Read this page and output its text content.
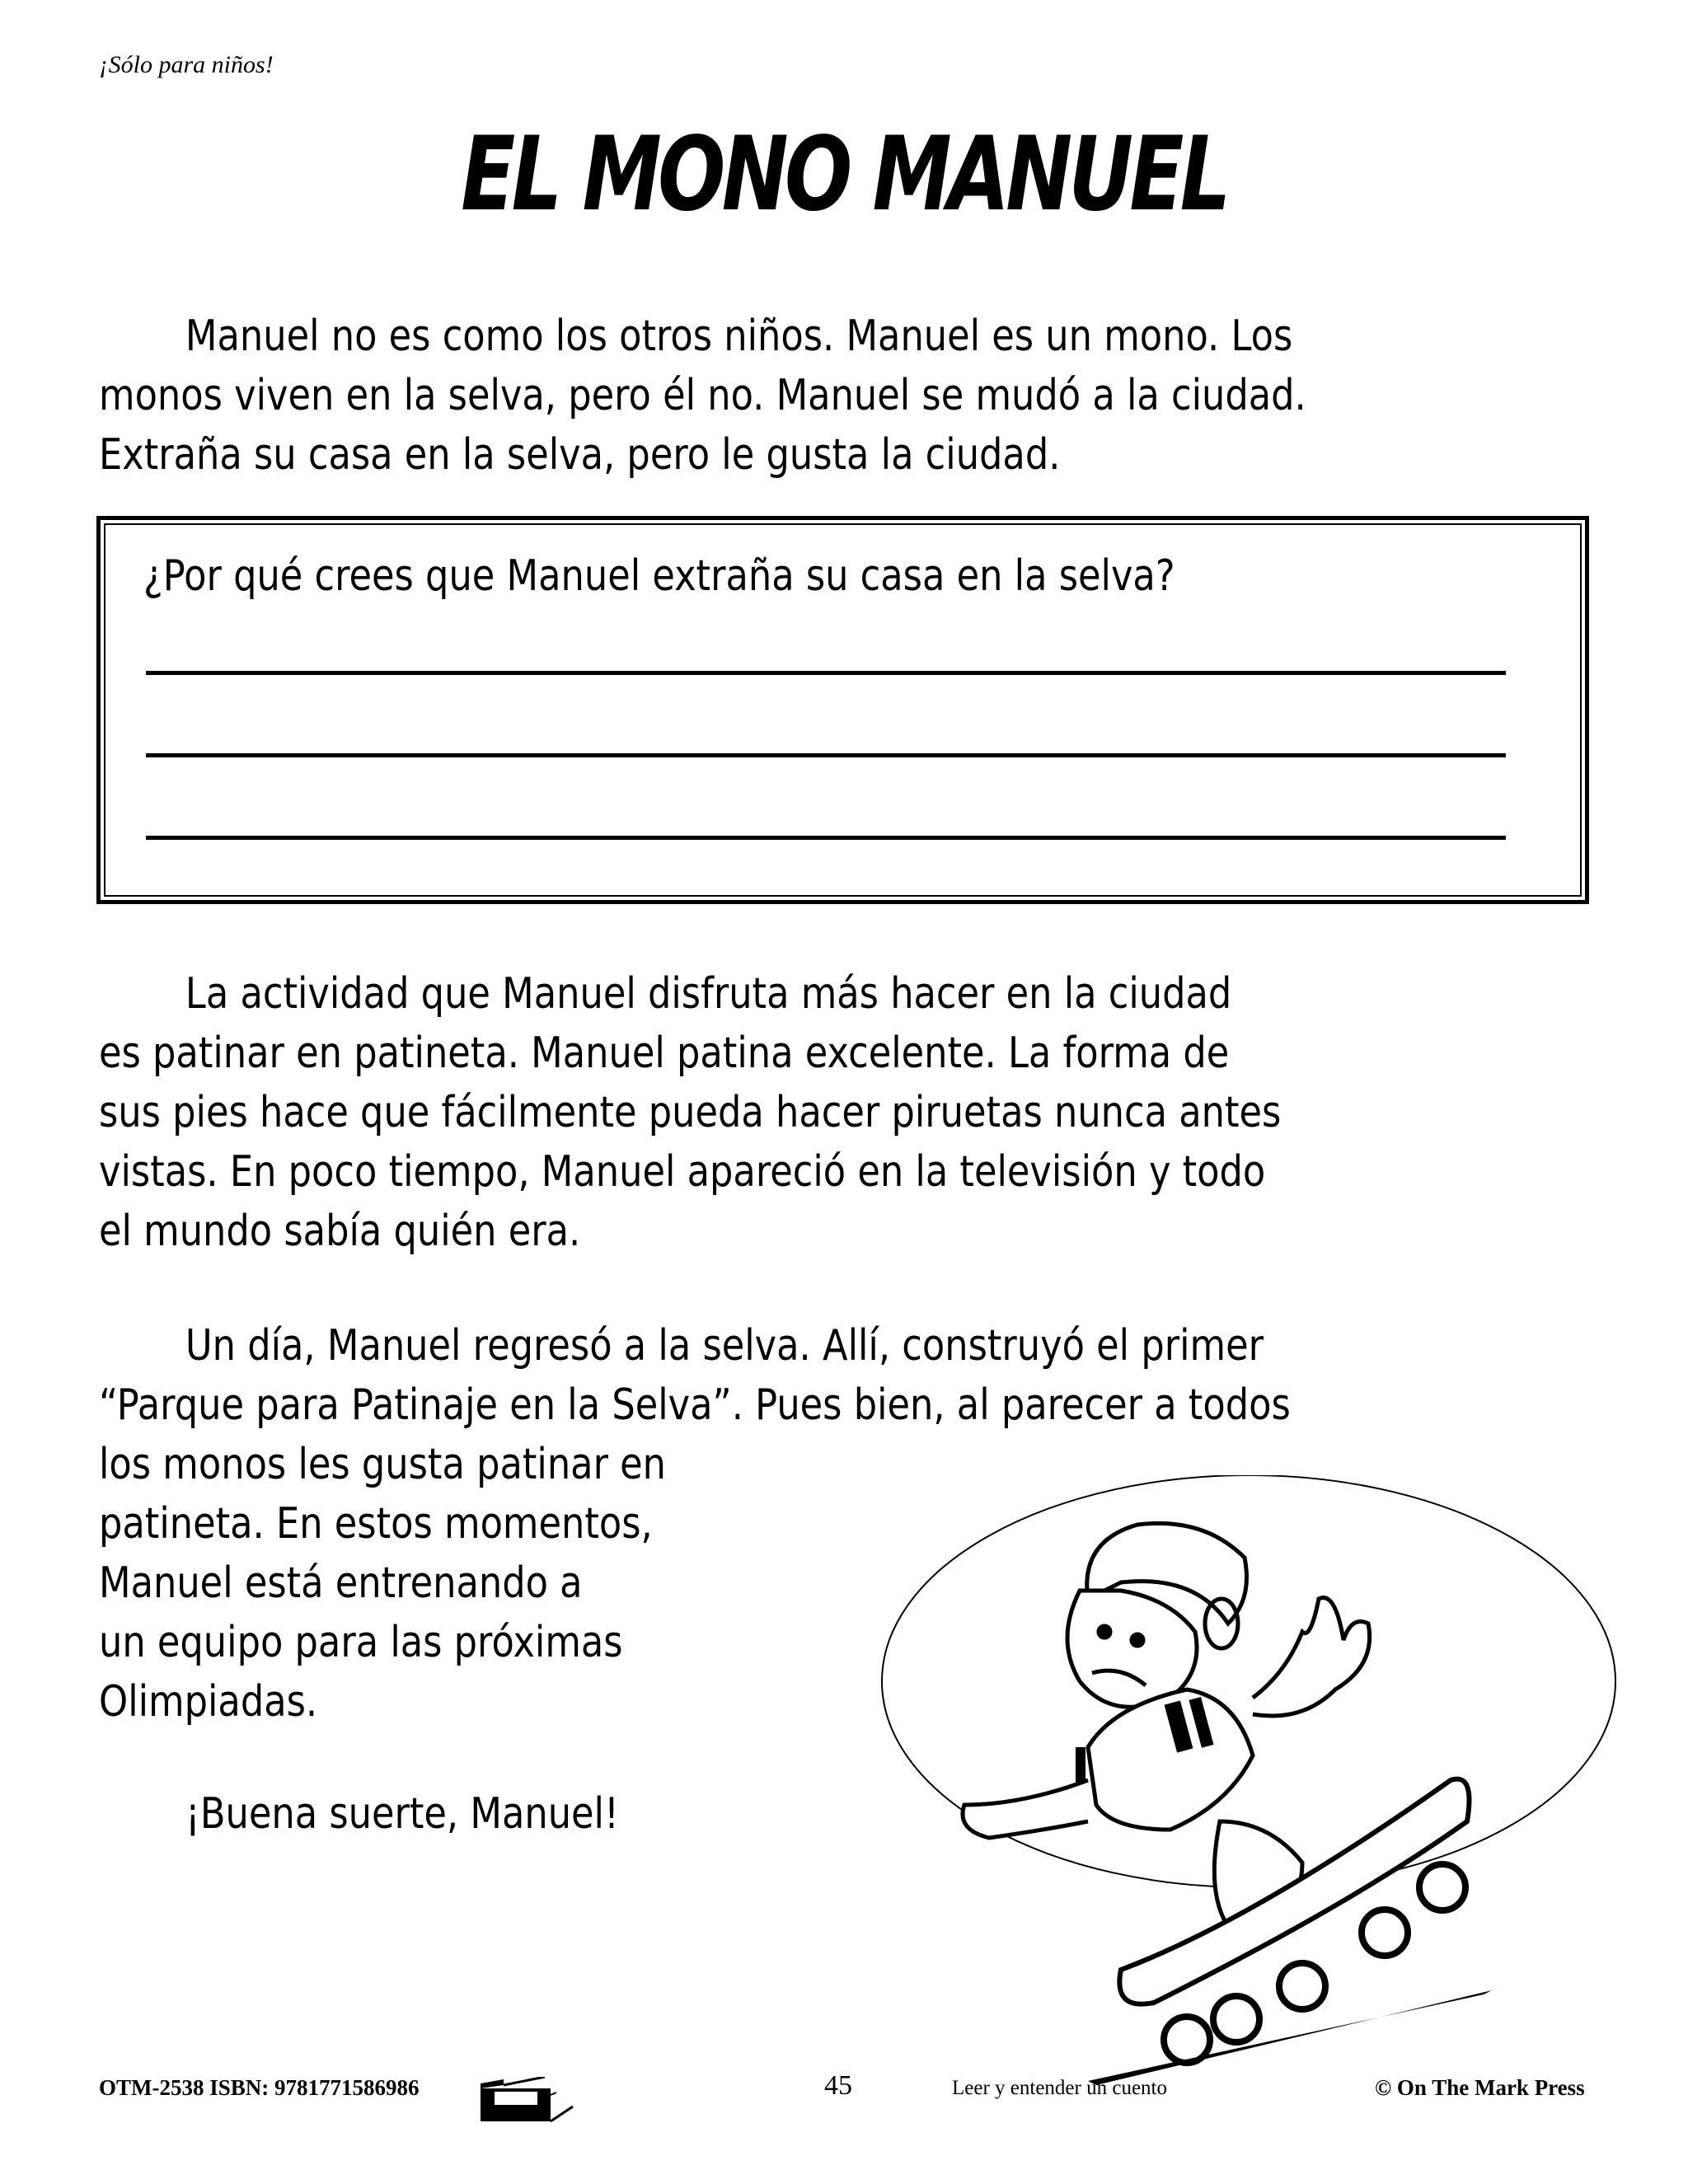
¡Sólo para niños!
EL MONO MANUEL
Manuel no es como los otros niños. Manuel es un mono. Los
monos viven en la selva, pero él no. Manuel se mudó a la ciudad.
Extraña su casa en la selva, pero le gusta la ciudad.
¿Por qué crees que Manuel extraña su casa en la selva?
La actividad que Manuel disfruta más hacer en la ciudad
es patinar en patineta. Manuel patina excelente. La forma de
sus pies hace que fácilmente pueda hacer piruetas nunca antes
vistas. En poco tiempo, Manuel apareció en la televisión y todo
el mundo sabía quién era.
Un día, Manuel regresó a la selva. Allí, construyó el primer
“Parque para Patinaje en la Selva”. Pues bien, al parecer a todos
los monos les gusta patinar en
patineta. En estos momentos,
Manuel está entrenando a
un equipo para las próximas
Olimpiadas.
¡Buena suerte, Manuel!
OTM-2538 ISBN: 9781771586986	45	Leer y entender un cuento	© On The Mark Press
